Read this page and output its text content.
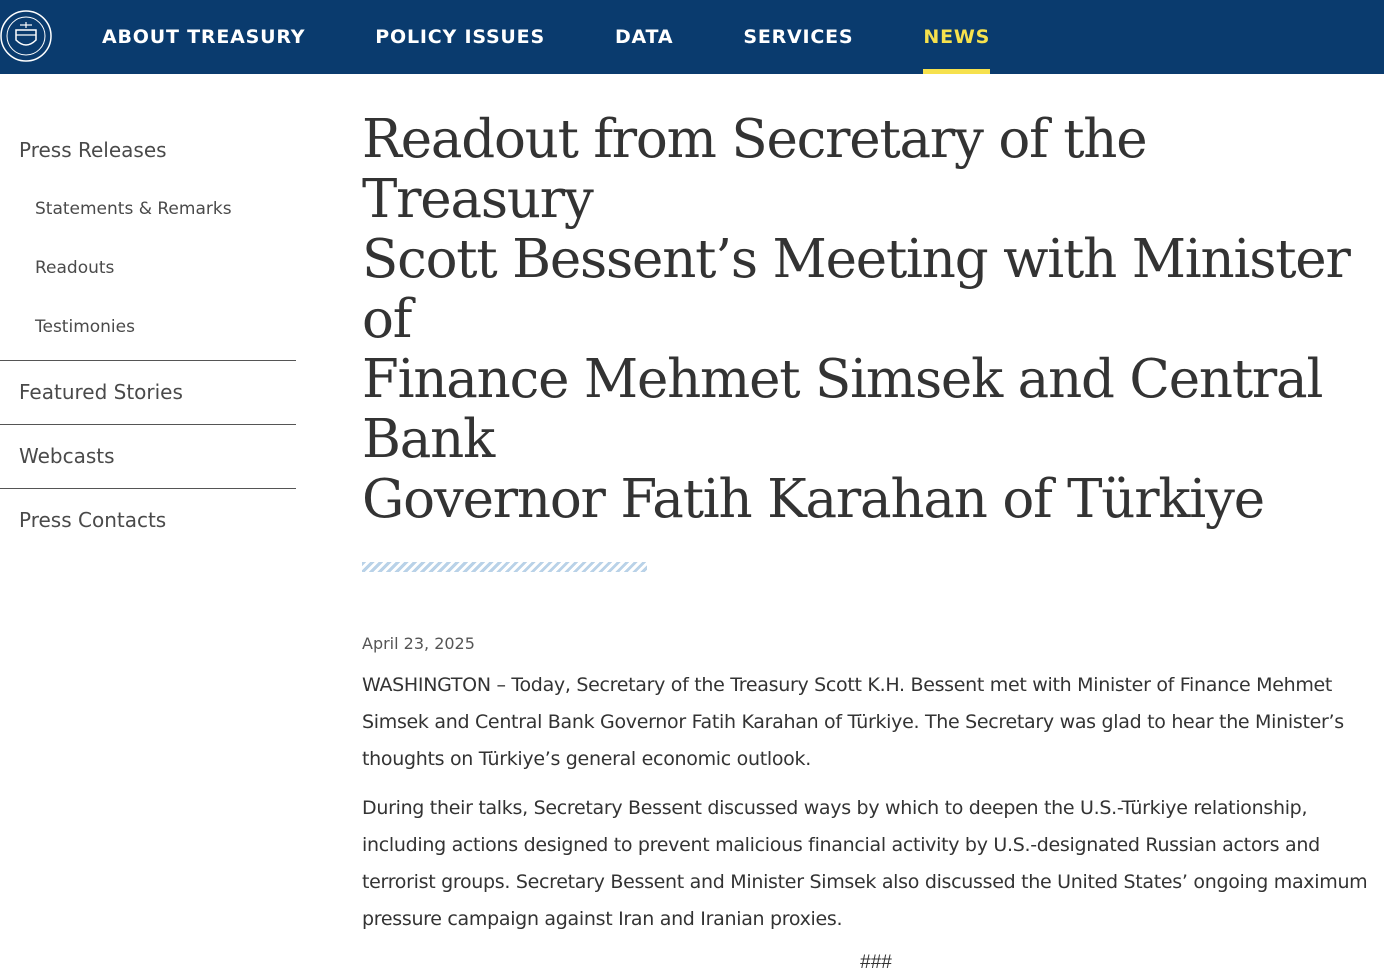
ABOUT TREASURY	POLICY ISSUES	DATA	SERVICES	NEWS
Press Releases
Statements & Remarks
Readouts
Testimonies
Featured Stories
Webcasts
Press Contacts
Readout from Secretary of the Treasury
Scott Bessent’s Meeting with Minister of
Finance Mehmet Simsek and Central Bank
Governor Fatih Karahan of Türkiye
April 23, 2025

WASHINGTON – Today, Secretary of the Treasury Scott K.H. Bessent met with Minister of Finance Mehmet Simsek and Central Bank Governor Fatih Karahan of Türkiye. The Secretary was glad to hear the Minister’s thoughts on Türkiye’s general economic outlook.

During their talks, Secretary Bessent discussed ways by which to deepen the U.S.-Türkiye relationship, including actions designed to prevent malicious financial activity by U.S.-designated Russian actors and terrorist groups. Secretary Bessent and Minister Simsek also discussed the United States’ ongoing maximum pressure campaign against Iran and Iranian proxies.

###
